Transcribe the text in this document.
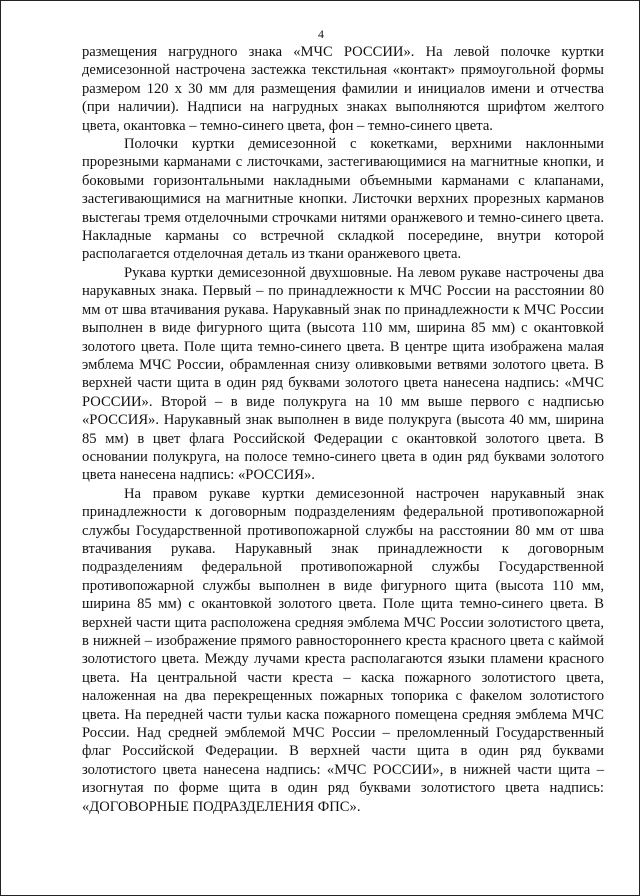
4

размещения нагрудного знака «МЧС РОССИИ». На левой полочке куртки демисезонной настрочена застежка текстильная «контакт» прямоугольной формы размером 120 х 30 мм для размещения фамилии и инициалов имени и отчества (при наличии). Надписи на нагрудных знаках выполняются шрифтом желтого цвета, окантовка – темно-синего цвета, фон – темно-синего цвета.

Полочки куртки демисезонной с кокетками, верхними наклонными прорезными карманами с листочками, застегивающимися на магнитные кнопки, и боковыми горизонтальными накладными объемными карманами с клапанами, застегивающимися на магнитные кнопки. Листочки верхних прорезных карманов выстегаы тремя отделочными строчками нитями оранжевого и темно-синего цвета. Накладные карманы со встречной складкой посередине, внутри которой располагается отделочная деталь из ткани оранжевого цвета.

Рукава куртки демисезонной двухшовные. На левом рукаве настрочены два нарукавных знака. Первый – по принадлежности к МЧС России на расстоянии 80 мм от шва втачивания рукава. Нарукавный знак по принадлежности к МЧС России выполнен в виде фигурного щита (высота 110 мм, ширина 85 мм) с окантовкой золотого цвета. Поле щита темно-синего цвета. В центре щита изображена малая эмблема МЧС России, обрамленная снизу оливковыми ветвями золотого цвета. В верхней части щита в один ряд буквами золотого цвета нанесена надпись: «МЧС РОССИИ». Второй – в виде полукруга на 10 мм выше первого с надписью «РОССИЯ». Нарукавный знак выполнен в виде полукруга (высота 40 мм, ширина 85 мм) в цвет флага Российской Федерации с окантовкой золотого цвета. В основании полукруга, на полосе темно-синего цвета в один ряд буквами золотого цвета нанесена надпись: «РОССИЯ».

На правом рукаве куртки демисезонной настрочен нарукавный знак принадлежности к договорным подразделениям федеральной противопожарной службы Государственной противопожарной службы на расстоянии 80 мм от шва втачивания рукава. Нарукавный знак принадлежности к договорным подразделениям федеральной противопожарной службы Государственной противопожарной службы выполнен в виде фигурного щита (высота 110 мм, ширина 85 мм) с окантовкой золотого цвета. Поле щита темно-синего цвета. В верхней части щита расположена средняя эмблема МЧС России золотистого цвета, в нижней – изображение прямого равностороннего креста красного цвета с каймой золотистого цвета. Между лучами креста располагаются языки пламени красного цвета. На центральной части креста – каска пожарного золотистого цвета, наложенная на два перекрещенных пожарных топорика с факелом золотистого цвета. На передней части тульи каска пожарного помещена средняя эмблема МЧС России. Над средней эмблемой МЧС России – преломленный Государственный флаг Российской Федерации. В верхней части щита в один ряд буквами золотистого цвета нанесена надпись: «МЧС РОССИИ», в нижней части щита – изогнутая по форме щита в один ряд буквами золотистого цвета надпись: «ДОГОВОРНЫЕ ПОДРАЗДЕЛЕНИЯ ФПС».
